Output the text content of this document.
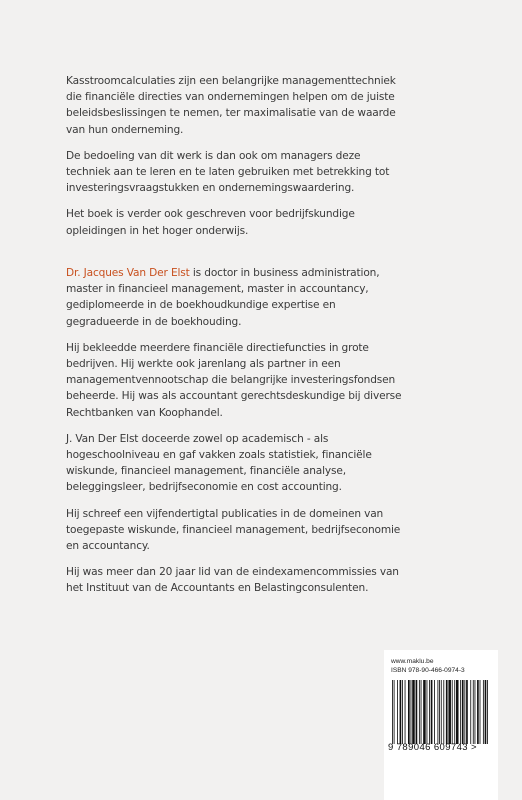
Kasstroomcalculaties zijn een belangrijke managementtechniek
die financiële directies van ondernemingen helpen om de juiste
beleidsbeslissingen te nemen, ter maximalisatie van de waarde
van hun onderneming.

De bedoeling van dit werk is dan ook om managers deze
techniek aan te leren en te laten gebruiken met betrekking tot
investeringsvraagstukken en ondernemingswaardering.

Het boek is verder ook geschreven voor bedrijfskundige
opleidingen in het hoger onderwijs.

Dr. Jacques Van Der Elst is doctor in business administration,
master in financieel management, master in accountancy,
gediplomeerde in de boekhoudkundige expertise en
gegradueerde in de boekhouding.

Hij bekleedde meerdere financiële directiefuncties in grote
bedrijven. Hij werkte ook jarenlang als partner in een
managementvennootschap die belangrijke investeringsfondsen
beheerde. Hij was als accountant gerechtsdeskundige bij diverse
Rechtbanken van Koophandel.

J. Van Der Elst doceerde zowel op academisch - als
hogeschoolniveau en gaf vakken zoals statistiek, financiële
wiskunde, financieel management, financiële analyse,
beleggingsleer, bedrijfseconomie en cost accounting.

Hij schreef een vijfendertigtal publicaties in de domeinen van
toegepaste wiskunde, financieel management, bedrijfseconomie
en accountancy.

Hij was meer dan 20 jaar lid van de eindexamencommissies van
het Instituut van de Accountants en Belastingconsulenten.

www.maklu.be
ISBN 978-90-466-0974-3
9 789046 609743 >
